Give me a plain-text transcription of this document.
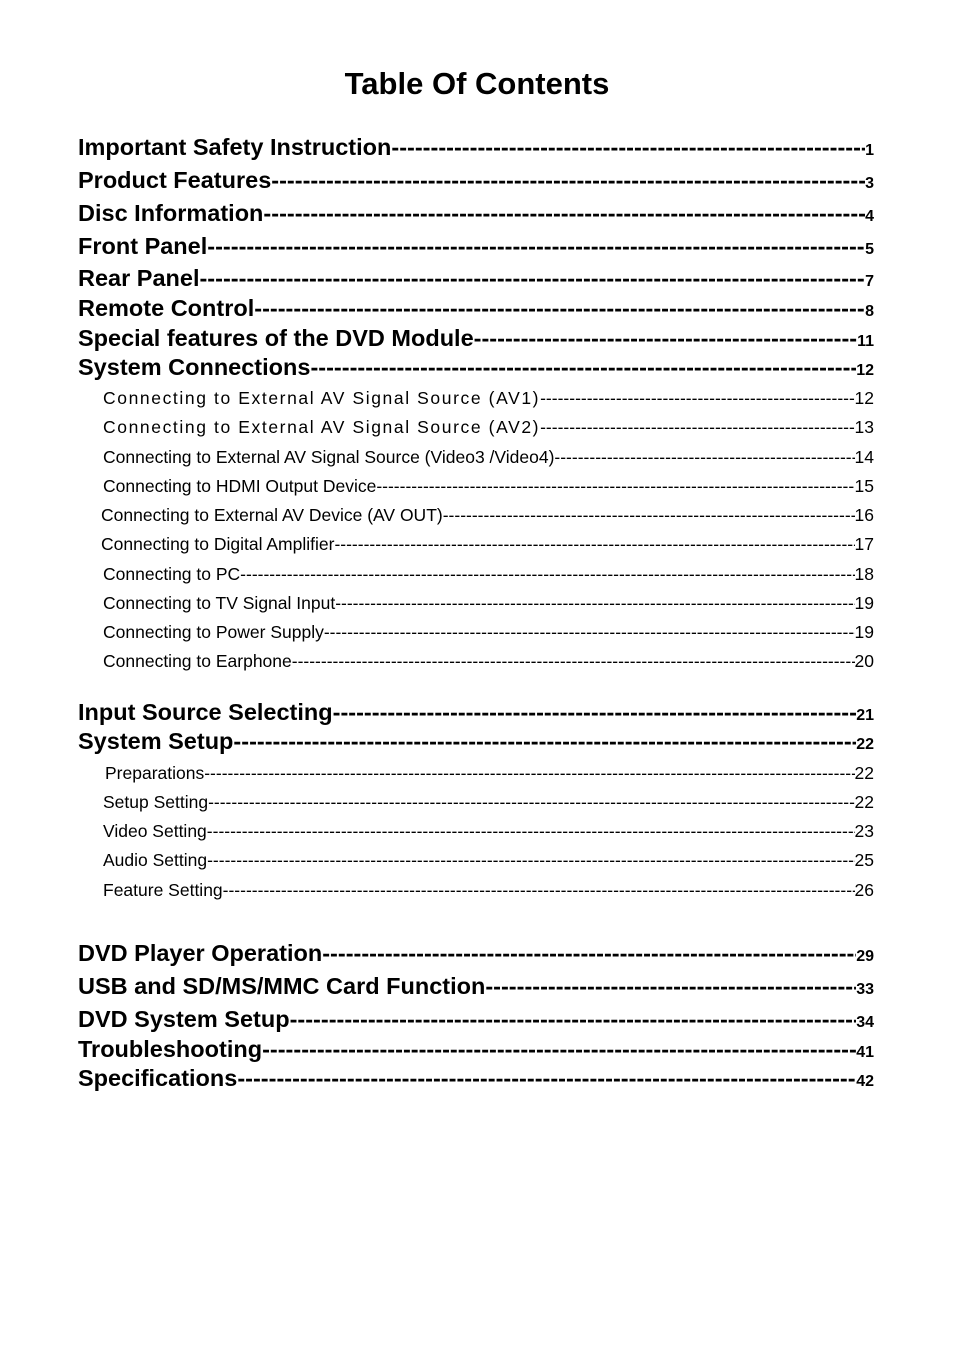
Table Of Contents
Important Safety Instruction -----	1
Product Features -----	3
Disc Information -----	4
Front Panel -----	5
Rear Panel -----	7
Remote Control -----	8
Special features of the DVD Module -----	11
System Connections -----	12
Connecting to External AV Signal Source (AV1) -----	12
Connecting to External AV Signal Source (AV2) -----	13
Connecting to External AV Signal Source (Video3 /Video4) -----	14
Connecting to HDMI Output Device -----	15
Connecting to External AV Device (AV OUT) -----	16
Connecting to Digital Amplifier -----	17
Connecting to PC -----	18
Connecting to TV Signal Input -----	19
Connecting to Power Supply -----	19
Connecting to Earphone -----	20
Input Source Selecting -----	21
System Setup -----	22
Preparations -----	22
Setup Setting -----	22
Video Setting -----	23
Audio Setting -----	25
Feature Setting -----	26
DVD Player Operation -----	29
USB and SD/MS/MMC Card Function -----	33
DVD System Setup -----	34
Troubleshooting -----	41
Specifications -----	42
